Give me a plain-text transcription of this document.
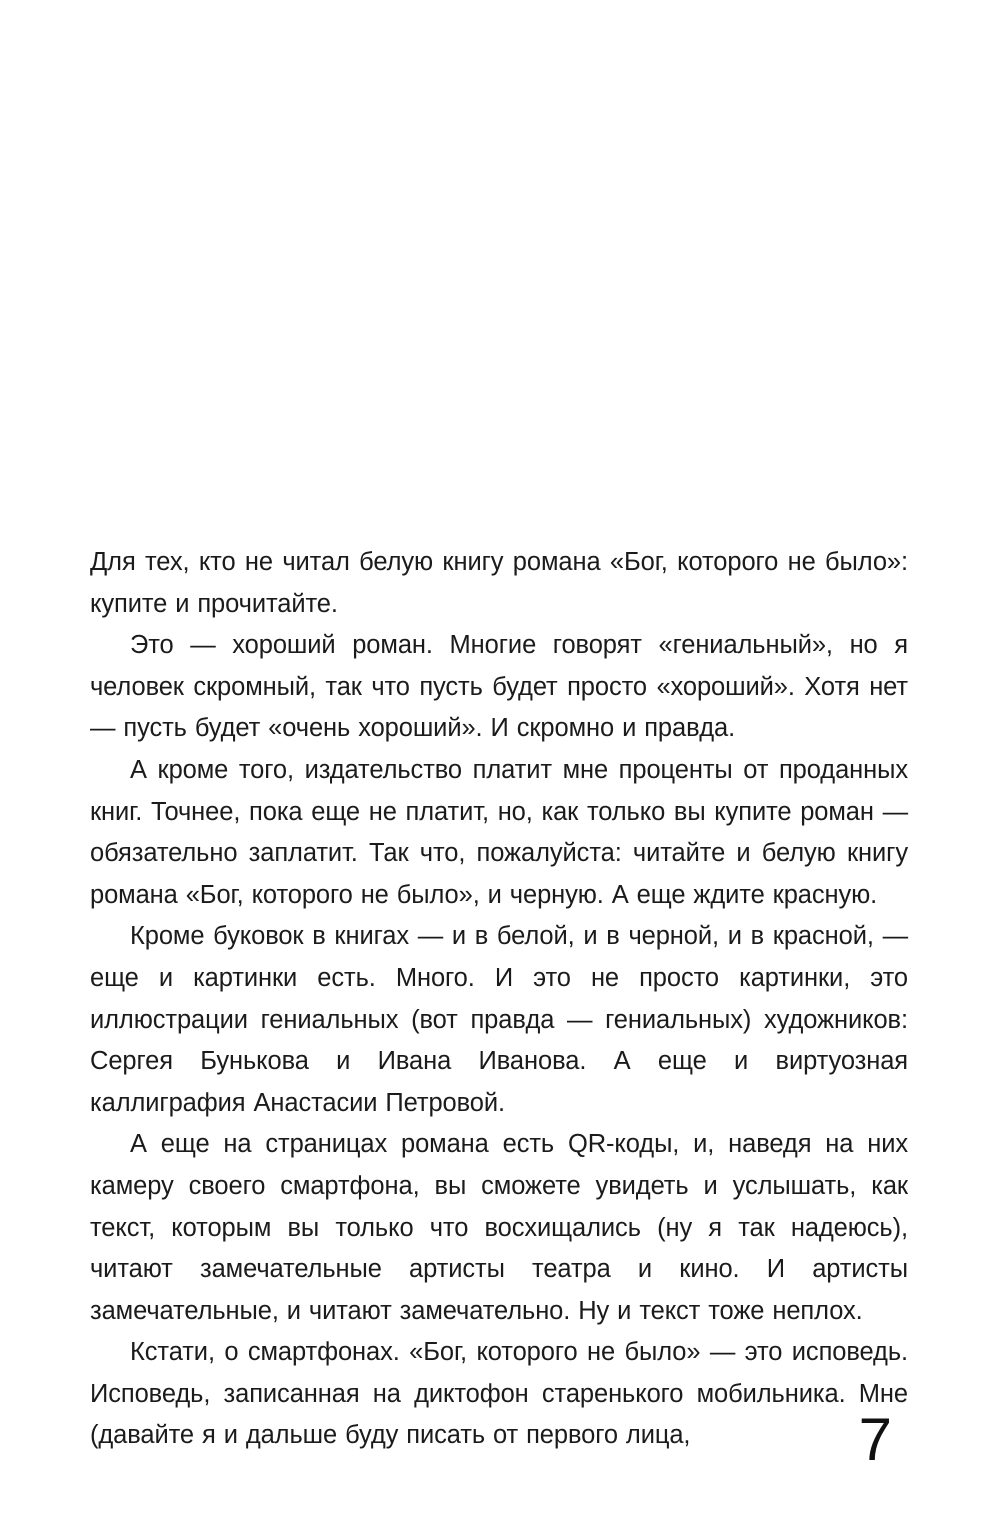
Для тех, кто не читал белую книгу романа «Бог, которого не было»: купите и прочитайте.

Это — хороший роман. Многие говорят «гениальный», но я человек скромный, так что пусть будет просто «хороший». Хотя нет — пусть будет «очень хороший». И скромно и правда.

А кроме того, издательство платит мне проценты от проданных книг. Точнее, пока еще не платит, но, как только вы купите роман — обязательно заплатит. Так что, пожалуйста: читайте и белую книгу романа «Бог, которого не было», и черную. А еще ждите красную.

Кроме буковок в книгах — и в белой, и в черной, и в красной, — еще и картинки есть. Много. И это не просто картинки, это иллюстрации гениальных (вот правда — гениальных) художников: Сергея Бунькова и Ивана Иванова. А еще и виртуозная каллиграфия Анастасии Петровой.

А еще на страницах романа есть QR-коды, и, наведя на них камеру своего смартфона, вы сможете увидеть и услышать, как текст, которым вы только что восхищались (ну я так надеюсь), читают замечательные артисты театра и кино. И артисты замечательные, и читают замечательно. Ну и текст тоже неплох.

Кстати, о смартфонах. «Бог, которого не было» — это исповедь. Исповедь, записанная на диктофон старенького мобильника. Мне (давайте я и дальше буду писать от первого лица,	7
